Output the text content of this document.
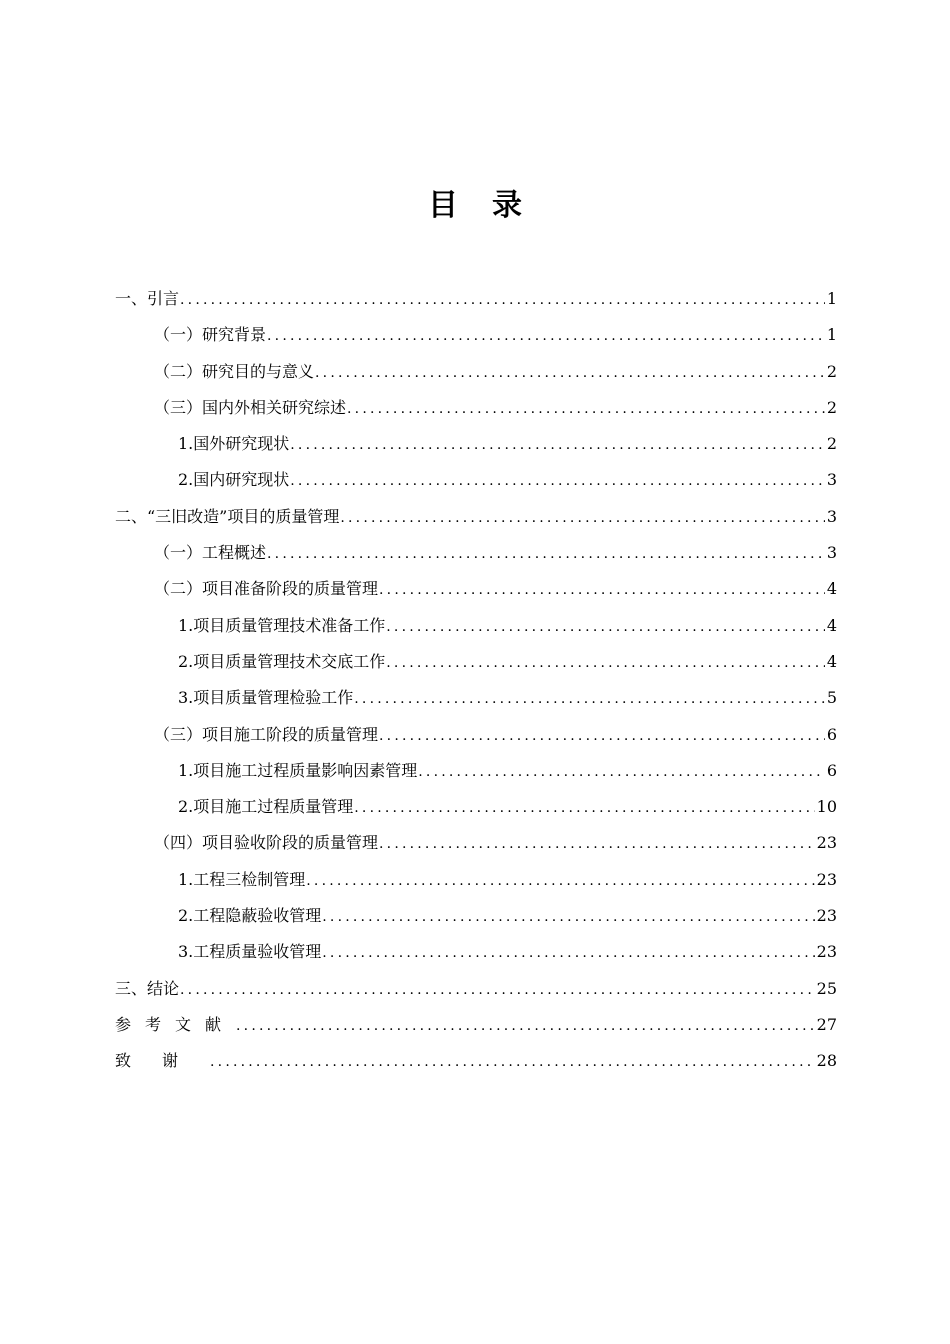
目 录
一、引言 .....	1
（一）研究背景 .....	1
（二）研究目的与意义 .....	2
（三）国内外相关研究综述 .....	2
1.国外研究现状 .....	2
2.国内研究现状 .....	3
二、“三旧改造”项目的质量管理 .....	3
（一）工程概述 .....	3
（二）项目准备阶段的质量管理 .....	4
1.项目质量管理技术准备工作 .....	4
2.项目质量管理技术交底工作 .....	4
3.项目质量管理检验工作 .....	5
（三）项目施工阶段的质量管理 .....	6
1.项目施工过程质量影响因素管理 .....	6
2.项目施工过程质量管理 .....	10
（四）项目验收阶段的质量管理 .....	23
1.工程三检制管理 .....	23
2.工程隐蔽验收管理 .....	23
3.工程质量验收管理 .....	23
三、结论 .....	25
参考文献 .....	27
致谢 .....	28
